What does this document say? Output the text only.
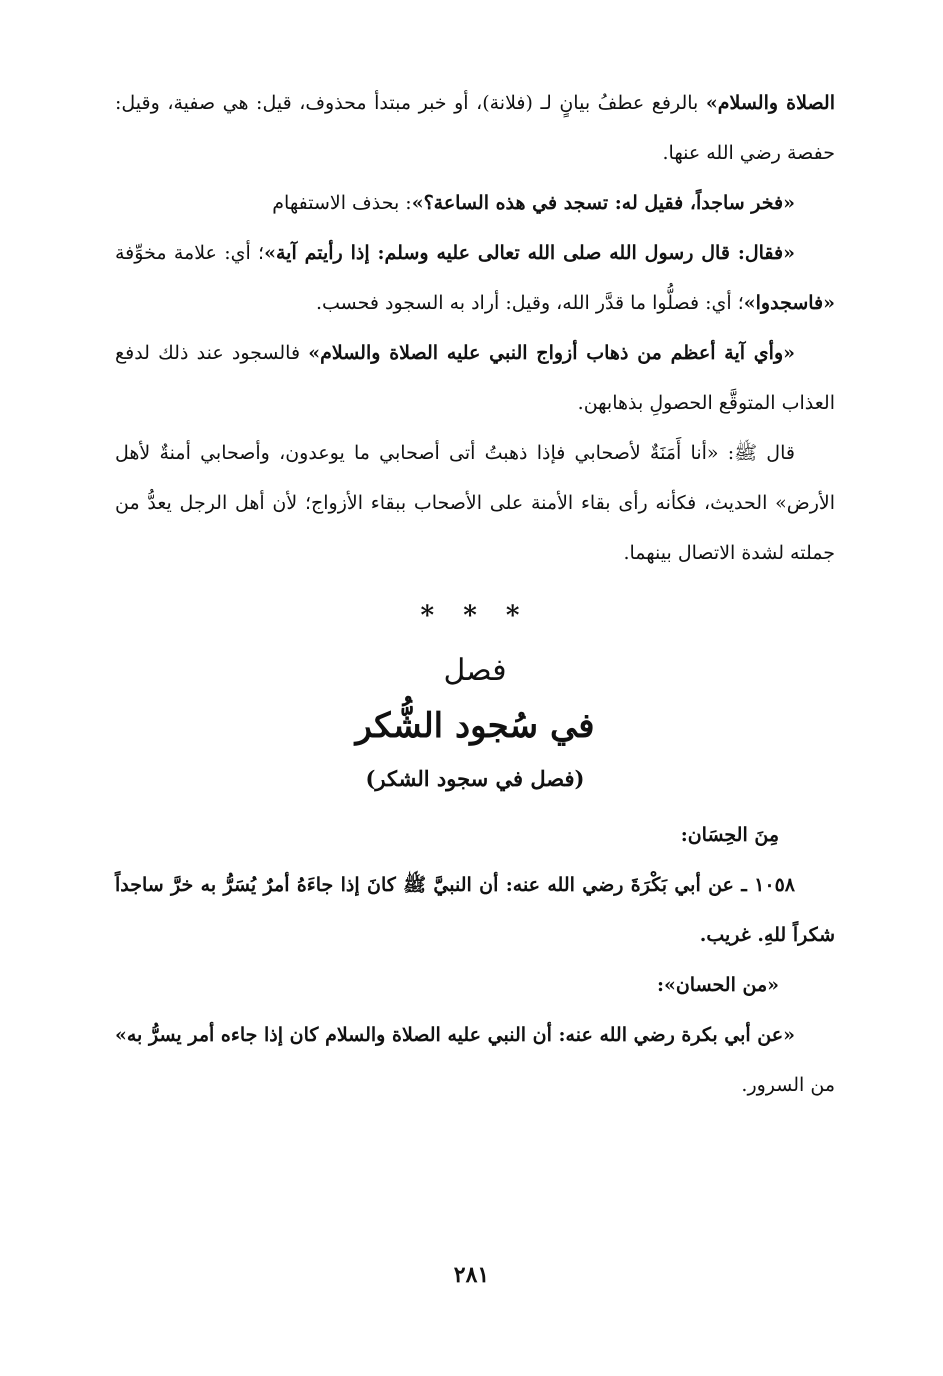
الصلاة والسلام» بالرفع عطفُ بيانٍ لـ (فلانة)، أو خبر مبتدأ محذوف، قيل: هي صفية، وقيل: حفصة رضي الله عنها.

«فخر ساجداً، فقيل له: تسجد في هذه الساعة؟»: بحذف الاستفهام

«فقال: قال رسول الله صلى الله تعالى عليه وسلم: إذا رأيتم آية»؛ أي: علامة مخوِّفة «فاسجدوا»؛ أي: فصلُّوا ما قدَّر الله، وقيل: أراد به السجود فحسب.

«وأي آية أعظم من ذهاب أزواج النبي عليه الصلاة والسلام» فالسجود عند ذلك لدفع العذاب المتوقَّع الحصولِ بذهابهن.

قال ﷺ: «أنا أَمَنَةٌ لأصحابي فإذا ذهبتُ أتى أصحابي ما يوعدون، وأصحابي أمنةٌ لأهل الأرض» الحديث، فكأنه رأى بقاء الأمنة على الأصحاب ببقاء الأزواج؛ لأن أهل الرجل يعدُّ من جملته لشدة الاتصال بينهما.

* * *
فصل
في سُجود الشُّكر
(فصل في سجود الشكر)

مِنَ الحِسَان:

١٠٥٨ ـ عن أبي بَكْرَةَ رضي الله عنه: أن النبيَّ ﷺ كانَ إذا جاءَهُ أمرٌ يُسَرُّ به خرَّ ساجداً شكراً للهِ. غريب.

«من الحسان»:

«عن أبي بكرة رضي الله عنه: أن النبي عليه الصلاة والسلام كان إذا جاءه أمر يسرُّ به» من السرور.

٢٨١
